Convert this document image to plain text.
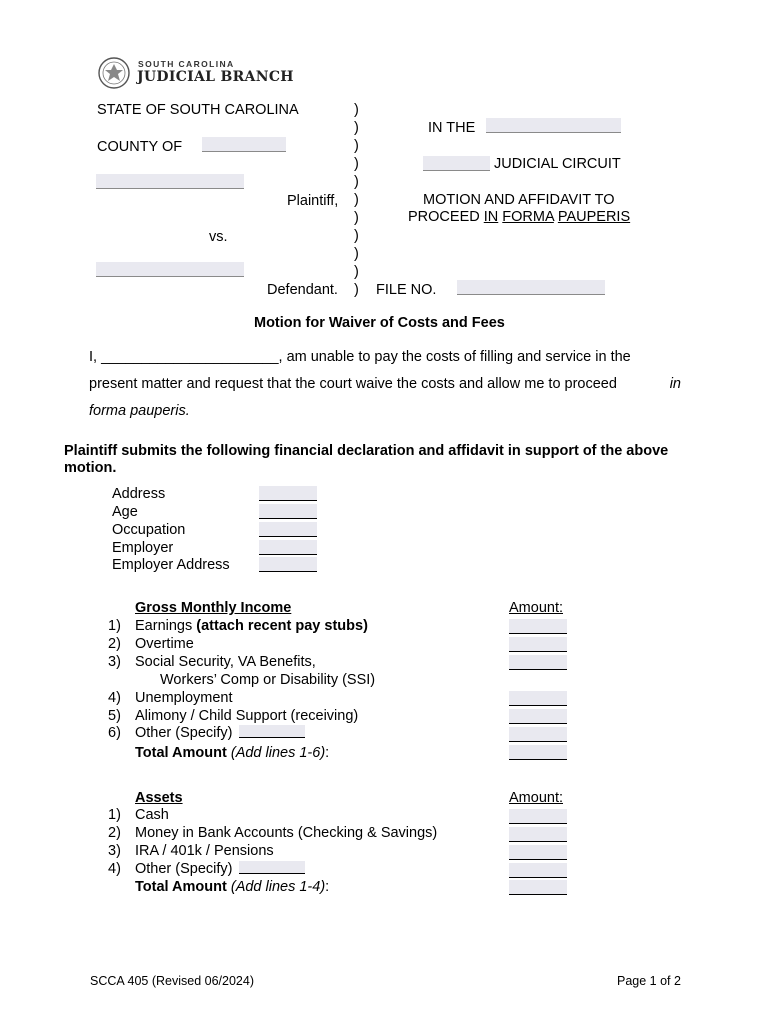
SOUTH CAROLINA
JUDICIAL BRANCH
STATE OF SOUTH CAROLINA
COUNTY OF
Plaintiff,
vs.
Defendant.
)
)
)
)
)
)
)
)
)
)
)
IN THE
JUDICIAL CIRCUIT
MOTION AND AFFIDAVIT TO
PROCEED IN FORMA PAUPERIS
FILE NO.
Motion for Waiver of Costs and Fees
I, ______________________, am unable to pay the costs of filling and service in the
present matter and request that the court waive the costs and allow me to proceed	in
forma pauperis.
Plaintiff submits the following financial declaration and affidavit in support of the above motion.
Address
Age
Occupation
Employer
Employer Address
Gross Monthly Income	Amount:
1) Earnings (attach recent pay stubs)
2) Overtime
3) Social Security, VA Benefits,
Workers’ Comp or Disability (SSI)
4) Unemployment
5) Alimony / Child Support (receiving)
6) Other (Specify)
Total Amount (Add lines 1-6):
Assets	Amount:
1) Cash
2) Money in Bank Accounts (Checking & Savings)
3) IRA / 401k / Pensions
4) Other (Specify)
Total Amount (Add lines 1-4):
SCCA 405 (Revised 06/2024)	Page 1 of 2
